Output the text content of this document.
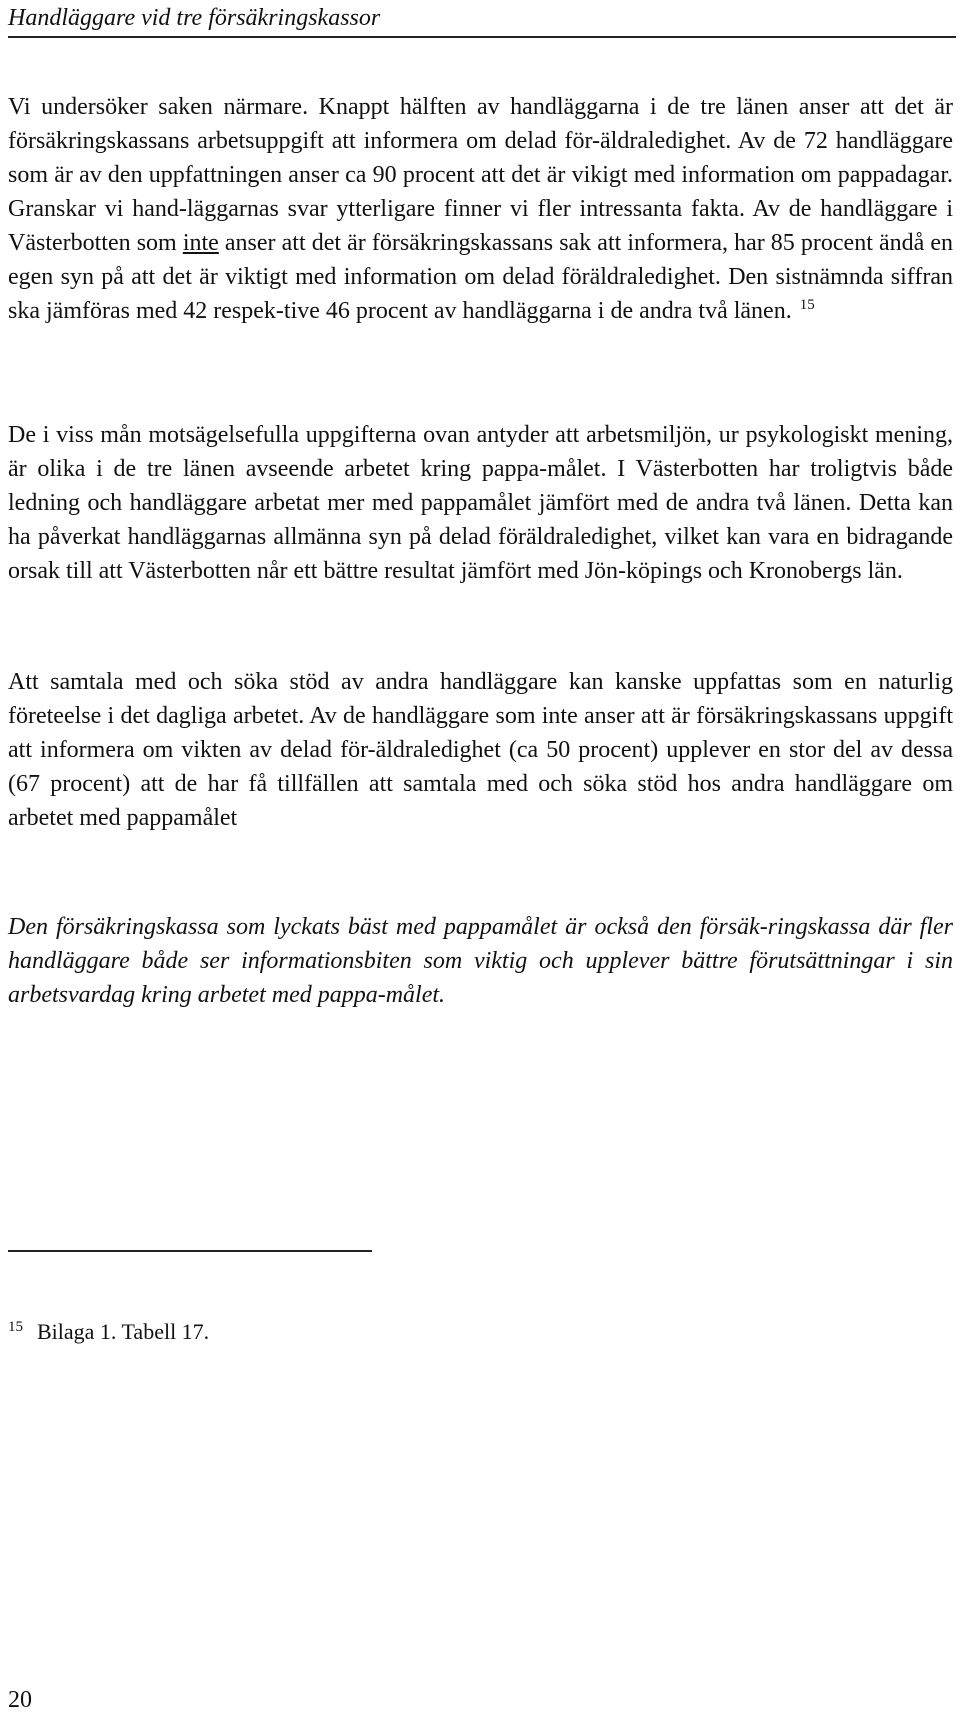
Handläggare vid tre försäkringskassor

Vi undersöker saken närmare. Knappt hälften av handläggarna i de tre länen anser att det är försäkringskassans arbetsuppgift att informera om delad för-äldraledighet. Av de 72 handläggare som är av den uppfattningen anser ca 90 procent att det är vikigt med information om pappadagar. Granskar vi hand-läggarnas svar ytterligare finner vi fler intressanta fakta. Av de handläggare i Västerbotten som inte anser att det är försäkringskassans sak att informera, har 85 procent ändå en egen syn på att det är viktigt med information om delad föräldraledighet. Den sistnämnda siffran ska jämföras med 42 respek-tive 46 procent av handläggarna i de andra två länen. $^{15}$

De i viss mån motsägelsefulla uppgifterna ovan antyder att arbetsmiljön, ur psykologiskt mening, är olika i de tre länen avseende arbetet kring pappa-målet. I Västerbotten har troligtvis både ledning och handläggare arbetat mer med pappamålet jämfört med de andra två länen. Detta kan ha påverkat handläggarnas allmänna syn på delad föräldraledighet, vilket kan vara en bidragande orsak till att Västerbotten når ett bättre resultat jämfört med Jön-köpings och Kronobergs län.

Att samtala med och söka stöd av andra handläggare kan kanske uppfattas som en naturlig företeelse i det dagliga arbetet. Av de handläggare som inte anser att är försäkringskassans uppgift att informera om vikten av delad för-äldraledighet (ca 50 procent) upplever en stor del av dessa (67 procent) att de har få tillfällen att samtala med och söka stöd hos andra handläggare om arbetet med pappamålet

Den försäkringskassa som lyckats bäst med pappamålet är också den försäk-ringskassa där fler handläggare både ser informationsbiten som viktig och upplever bättre förutsättningar i sin arbetsvardag kring arbetet med pappa-målet.

$^{15}$ Bilaga 1. Tabell 17.
20
